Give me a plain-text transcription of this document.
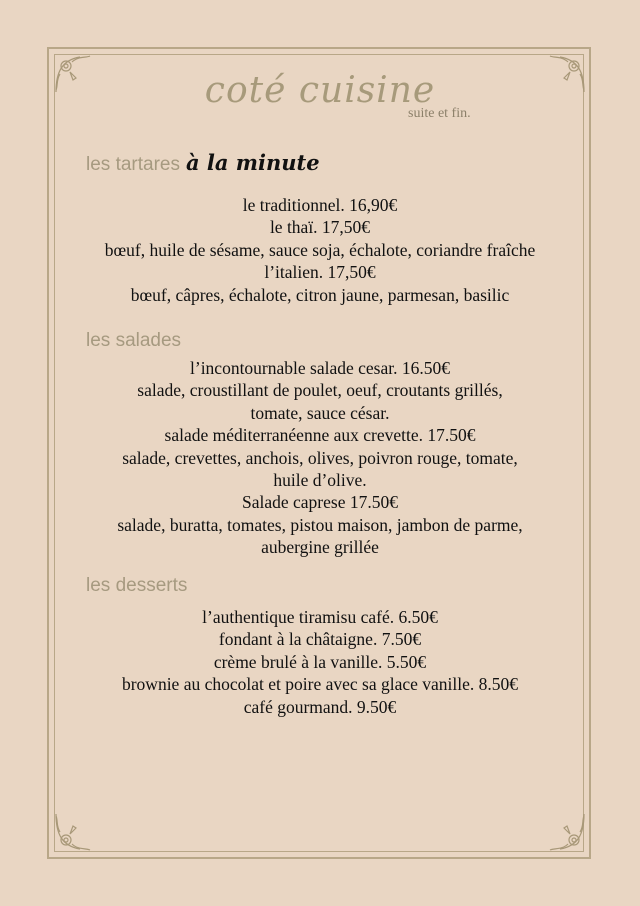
coté cuisine
suite et fin.
les tartares à la minute
le traditionnel. 16,90€
le thaï. 17,50€
bœuf, huile de sésame, sauce soja, échalote, coriandre fraîche
l’italien. 17,50€
bœuf, câpres, échalote, citron jaune, parmesan, basilic
les salades
l’incontournable salade cesar. 16.50€
salade, croustillant de poulet, oeuf, croutants grillés,
tomate, sauce césar.
salade méditerranéenne aux crevette. 17.50€
salade, crevettes, anchois, olives, poivron rouge, tomate,
huile d’olive.
Salade caprese 17.50€
salade, buratta, tomates, pistou maison, jambon de parme,
aubergine grillée
les desserts
l’authentique tiramisu café. 6.50€
fondant à la châtaigne. 7.50€
crème brulé à la vanille. 5.50€
brownie au chocolat et poire avec sa glace vanille. 8.50€
café gourmand. 9.50€
